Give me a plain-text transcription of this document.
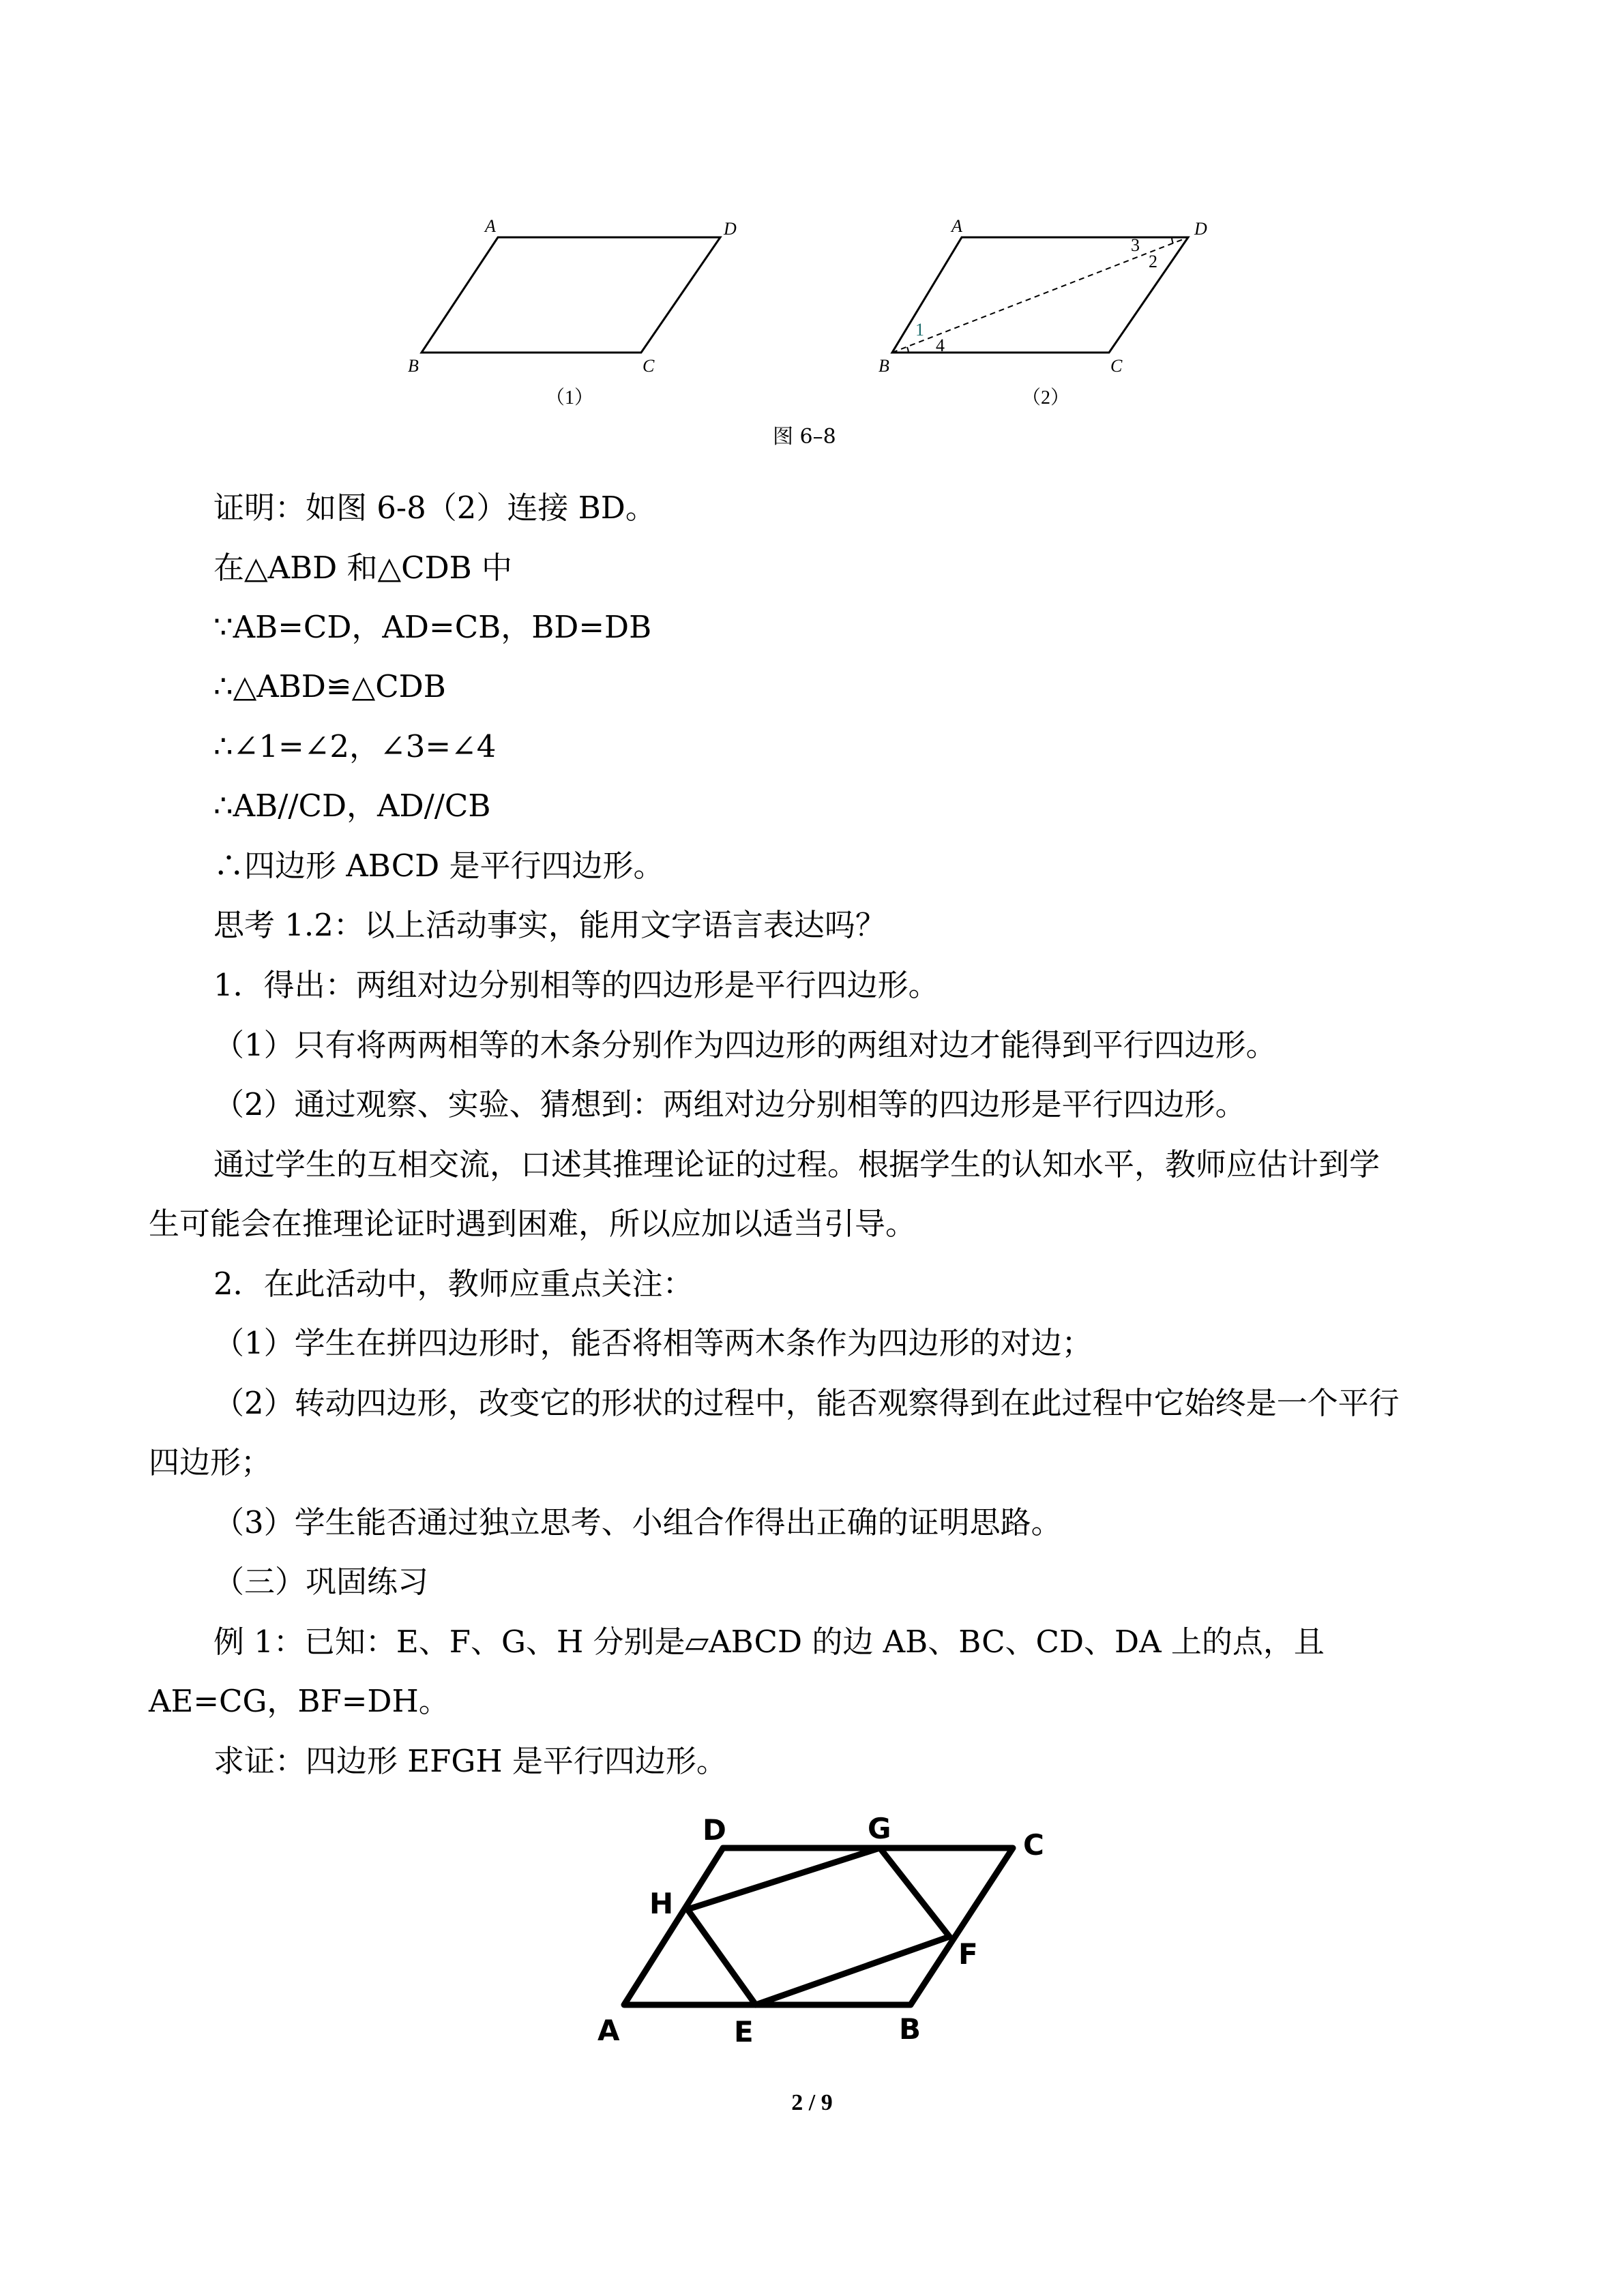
A	D
B	C
（1）
A	D
B	C
1
4
3
2
（2）
图 6–8
证明：如图 6-8（2）连接 BD。
在△ABD 和△CDB 中
∵AB=CD，AD=CB，BD=DB
∴△ABD≌△CDB
∴∠1=∠2，∠3=∠4
∴AB//CD，AD//CB
∴四边形 ABCD 是平行四边形。
思考 1.2：以上活动事实，能用文字语言表达吗？
1．得出：两组对边分别相等的四边形是平行四边形。
（1）只有将两两相等的木条分别作为四边形的两组对边才能得到平行四边形。
（2）通过观察、实验、猜想到：两组对边分别相等的四边形是平行四边形。
通过学生的互相交流，口述其推理论证的过程。根据学生的认知水平，教师应估计到学
生可能会在推理论证时遇到困难，所以应加以适当引导。
2．在此活动中，教师应重点关注：
（1）学生在拼四边形时，能否将相等两木条作为四边形的对边；
（2）转动四边形，改变它的形状的过程中，能否观察得到在此过程中它始终是一个平行
四边形；
（3）学生能否通过独立思考、小组合作得出正确的证明思路。
（三）巩固练习
例 1：已知：E、F、G、H 分别是▱ABCD 的边 AB、BC、CD、DA 上的点，且
AE=CG，BF=DH。
求证：四边形 EFGH 是平行四边形。
D	G	C
H
F
A	E	B
2 / 9
